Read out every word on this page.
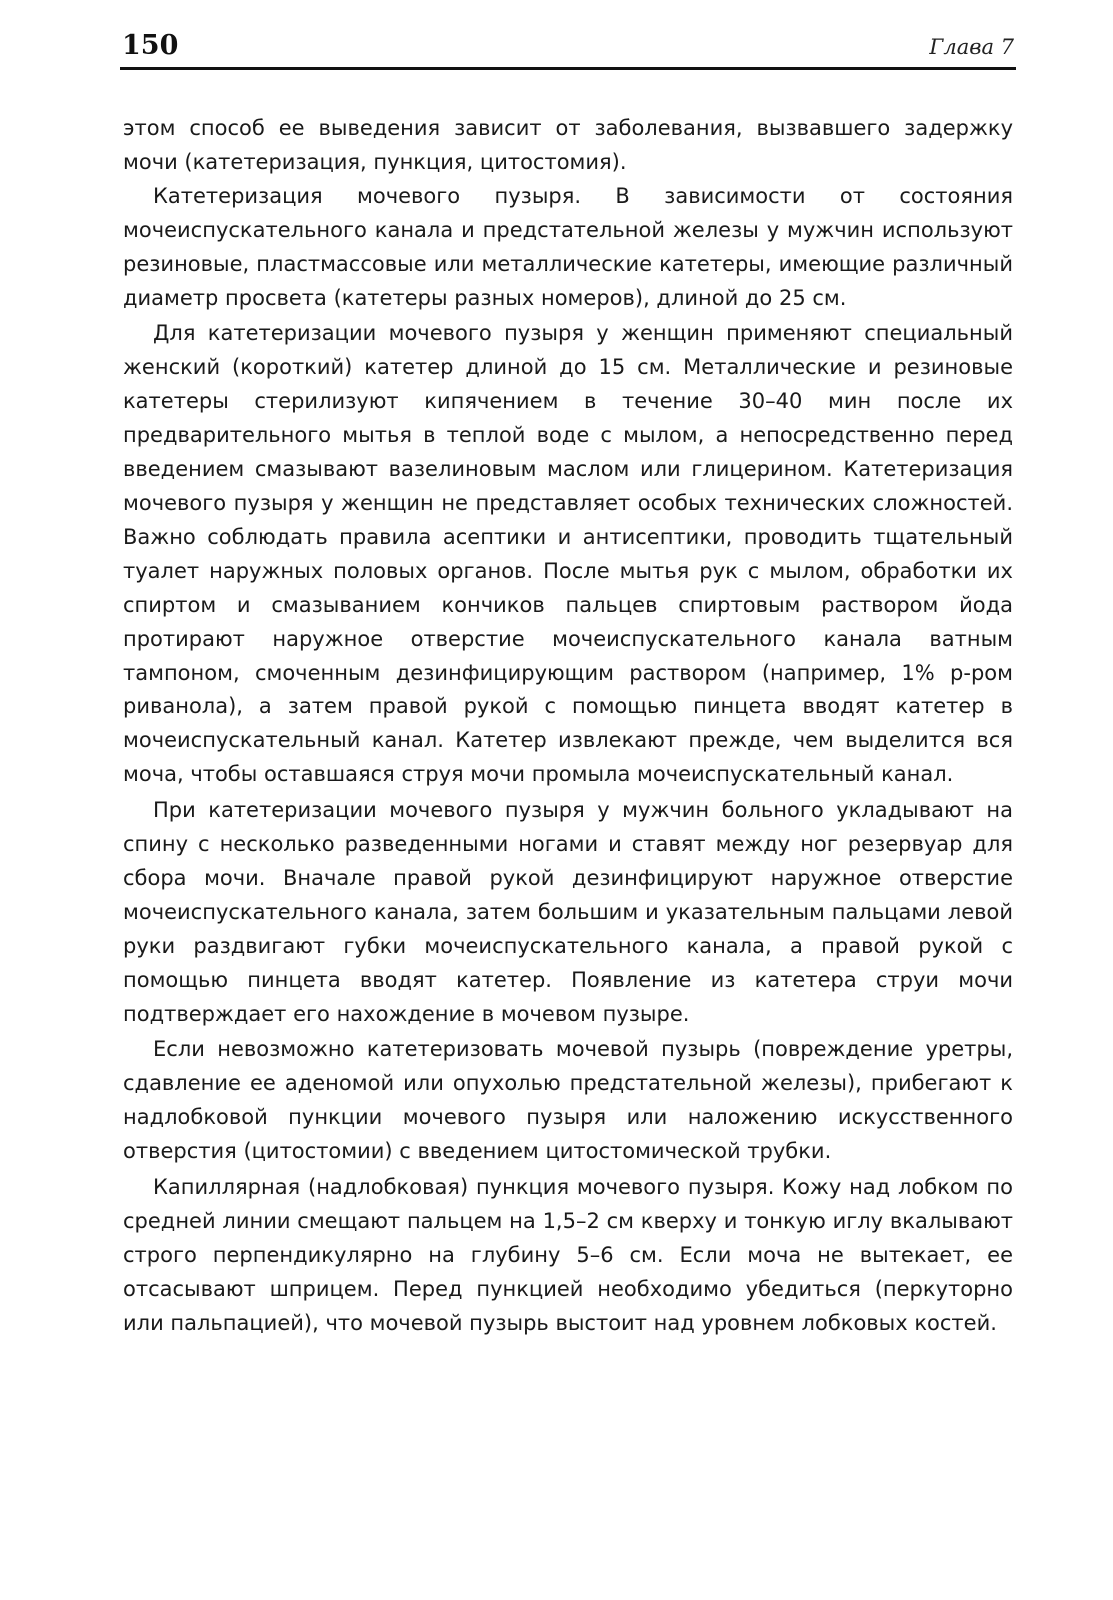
150	Глава 7

этом способ ее выведения зависит от заболевания, вызвавшего задержку мочи (катетеризация, пункция, цитостомия).

Катетеризация мочевого пузыря. В зависимости от состояния мочеиспускательного канала и предстательной железы у мужчин используют резиновые, пластмассовые или металлические катетеры, имеющие различный диаметр просвета (катетеры разных номеров), длиной до 25 см.

Для катетеризации мочевого пузыря у женщин применяют специальный женский (короткий) катетер длиной до 15 см. Металлические и резиновые катетеры стерилизуют кипячением в течение 30–40 мин после их предварительного мытья в теплой воде с мылом, а непосредственно перед введением смазывают вазелиновым маслом или глицерином. Катетеризация мочевого пузыря у женщин не представляет особых технических сложностей. Важно соблюдать правила асептики и антисептики, проводить тщательный туалет наружных половых органов. После мытья рук с мылом, обработки их спиртом и смазыванием кончиков пальцев спиртовым раствором йода протирают наружное отверстие мочеиспускательного канала ватным тампоном, смоченным дезинфицирующим раствором (например, 1% р-ром риванола), а затем правой рукой с помощью пинцета вводят катетер в мочеиспускательный канал. Катетер извлекают прежде, чем выделится вся моча, чтобы оставшаяся струя мочи промыла мочеиспускательный канал.

При катетеризации мочевого пузыря у мужчин больного укладывают на спину с несколько разведенными ногами и ставят между ног резервуар для сбора мочи. Вначале правой рукой дезинфицируют наружное отверстие мочеиспускательного канала, затем большим и указательным пальцами левой руки раздвигают губки мочеиспускательного канала, а правой рукой с помощью пинцета вводят катетер. Появление из катетера струи мочи подтверждает его нахождение в мочевом пузыре.

Если невозможно катетеризовать мочевой пузырь (повреждение уретры, сдавление ее аденомой или опухолью предстательной железы), прибегают к надлобковой пункции мочевого пузыря или наложению искусственного отверстия (цитостомии) с введением цитостомической трубки.

Капиллярная (надлобковая) пункция мочевого пузыря. Кожу над лобком по средней линии смещают пальцем на 1,5–2 см кверху и тонкую иглу вкалывают строго перпендикулярно на глубину 5–6 см. Если моча не вытекает, ее отсасывают шприцем. Перед пункцией необходимо убедиться (перкуторно или пальпацией), что мочевой пузырь выстоит над уровнем лобковых костей.
